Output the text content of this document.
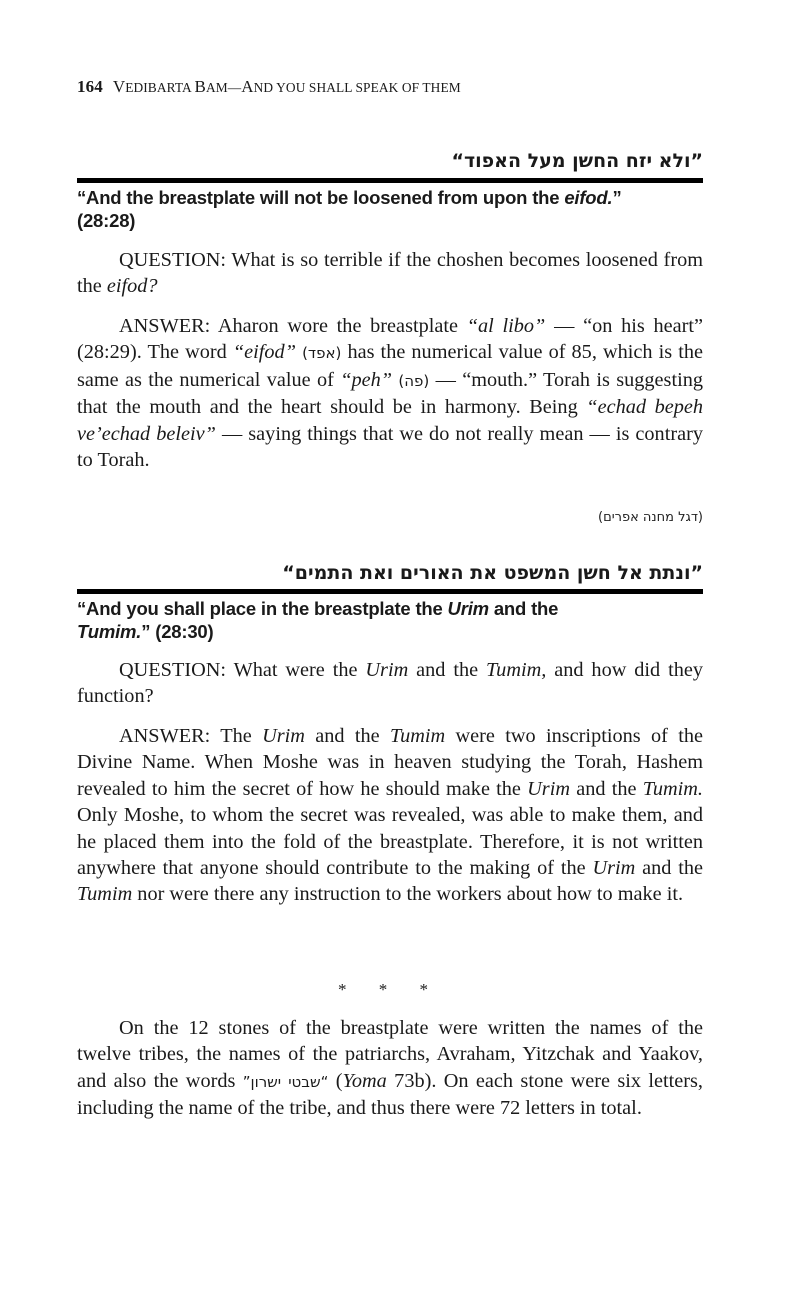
164 VEDIBARTA BAM—AND YOU SHALL SPEAK OF THEM
”ולא יזח החשן מעל האפוד“
“And the breastplate will not be loosened from upon the eifod.”
(28:28)
QUESTION: What is so terrible if the choshen becomes loosened from the eifod?
ANSWER: Aharon wore the breastplate “al libo” — “on his heart” (28:29). The word “eifod” (אפד) has the numerical value of 85, which is the same as the numerical value of “peh” (פה) — “mouth.” Torah is suggesting that the mouth and the heart should be in harmony. Being “echad bepeh ve’echad beleiv” — saying things that we do not really mean — is contrary to Torah.
(דגל מחנה אפרים)
”ונתת אל חשן המשפט את האורים ואת התמים“
“And you shall place in the breastplate the Urim and the
Tumim.” (28:30)
QUESTION: What were the Urim and the Tumim, and how did they function?
ANSWER: The Urim and the Tumim were two inscriptions of the Divine Name. When Moshe was in heaven studying the Torah, Hashem revealed to him the secret of how he should make the Urim and the Tumim. Only Moshe, to whom the secret was revealed, was able to make them, and he placed them into the fold of the breastplate. Therefore, it is not written anywhere that anyone should contribute to the making of the Urim and the Tumim nor were there any instruction to the workers about how to make it.
* * *
On the 12 stones of the breastplate were written the names of the twelve tribes, the names of the patriarchs, Avraham, Yitzchak and Yaakov, and also the words ”שבטי ישרון“ (Yoma 73b). On each stone were six letters, including the name of the tribe, and thus there were 72 letters in total.
